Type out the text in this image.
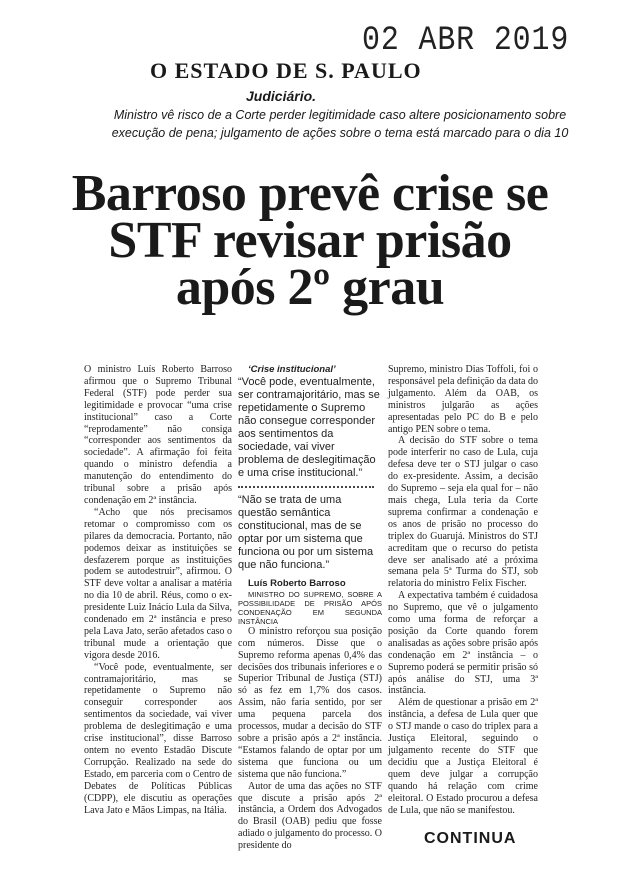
02 ABR 2019
O ESTADO DE S. PAULO
Judiciário.
Ministro vê risco de a Corte perder legitimidade caso altere posicionamento sobre execução de pena; julgamento de ações sobre o tema está marcado para o dia 10
Barroso prevê crise se STF revisar prisão após 2º grau

O ministro Luís Roberto Barroso afirmou que o Supremo Tribunal Federal (STF) pode perder sua legitimidade e provocar “uma crise institucional” caso a Corte “reprodamente” não consiga “corresponder aos sentimentos da sociedade”. A afirmação foi feita quando o ministro defendia a manutenção do entendimento do tribunal sobre a prisão após condenação em 2ª instância.

“Acho que nós precisamos retomar o compromisso com os pilares da democracia. Portanto, não podemos deixar as instituições se desfazerem porque as instituições podem se autodestruir”, afirmou. O STF deve voltar a analisar a matéria no dia 10 de abril. Réus, como o ex-presidente Luiz Inácio Lula da Silva, condenado em 2ª instância e preso pela Lava Jato, serão afetados caso o tribunal mude a orientação que vigora desde 2016.

“Você pode, eventualmente, ser contramajoritário, mas se repetidamente o Supremo não conseguir corresponder aos sentimentos da sociedade, vai viver problema de deslegitimação e uma crise institucional”, disse Barroso ontem no evento Estadão Discute Corrupção. Realizado na sede do Estado, em parceria com o Centro de Debates de Políticas Públicas (CDPP), ele discutiu as operações Lava Jato e Mãos Limpas, na Itália.

‘Crise institucional’

“Você pode, eventualmente, ser contramajoritário, mas se repetidamente o Supremo não consegue corresponder aos sentimentos da sociedade, vai viver problema de deslegitimação e uma crise institucional.”

“Não se trata de uma questão semântica constitucional, mas de se optar por um sistema que funciona ou por um sistema que não funciona.”

Luís Roberto Barroso

MINISTRO DO SUPREMO, SOBRE A POSSIBILIDADE DE PRISÃO APÓS CONDENAÇÃO EM SEGUNDA INSTÂNCIA

O ministro reforçou sua posição com números. Disse que o Supremo reforma apenas 0,4% das decisões dos tribunais inferiores e o Superior Tribunal de Justiça (STJ) só as fez em 1,7% dos casos. Assim, não faria sentido, por ser uma pequena parcela dos processos, mudar a decisão do STF sobre a prisão após a 2ª instância. “Estamos falando de optar por um sistema que funciona ou um sistema que não funciona.”

Autor de uma das ações no STF que discute a prisão após 2ª instância, a Ordem dos Advogados do Brasil (OAB) pediu que fosse adiado o julgamento do processo. O presidente do

Supremo, ministro Dias Toffoli, foi o responsável pela definição da data do julgamento. Além da OAB, os ministros julgarão as ações apresentadas pelo PC do B e pelo antigo PEN sobre o tema.

A decisão do STF sobre o tema pode interferir no caso de Lula, cuja defesa deve ter o STJ julgar o caso do ex-presidente. Assim, a decisão do Supremo – seja ela qual for – não mais chega, Lula teria da Corte suprema confirmar a condenação e os anos de prisão no processo do triplex do Guarujá. Ministros do STJ acreditam que o recurso do petista deve ser analisado até a próxima semana pela 5ª Turma do STJ, sob relatoria do ministro Felix Fischer.

A expectativa também é cuidadosa no Supremo, que vê o julgamento como uma forma de reforçar a posição da Corte quando forem analisadas as ações sobre prisão após condenação em 2ª instância – o Supremo poderá se permitir prisão só após análise do STJ, uma 3ª instância.

Além de questionar a prisão em 2ª instância, a defesa de Lula quer que o STJ mande o caso do triplex para a Justiça Eleitoral, seguindo o julgamento recente do STF que decidiu que a Justiça Eleitoral é quem deve julgar a corrupção quando há relação com crime eleitoral. O Estado procurou a defesa de Lula, que não se manifestou.

CONTINUA
